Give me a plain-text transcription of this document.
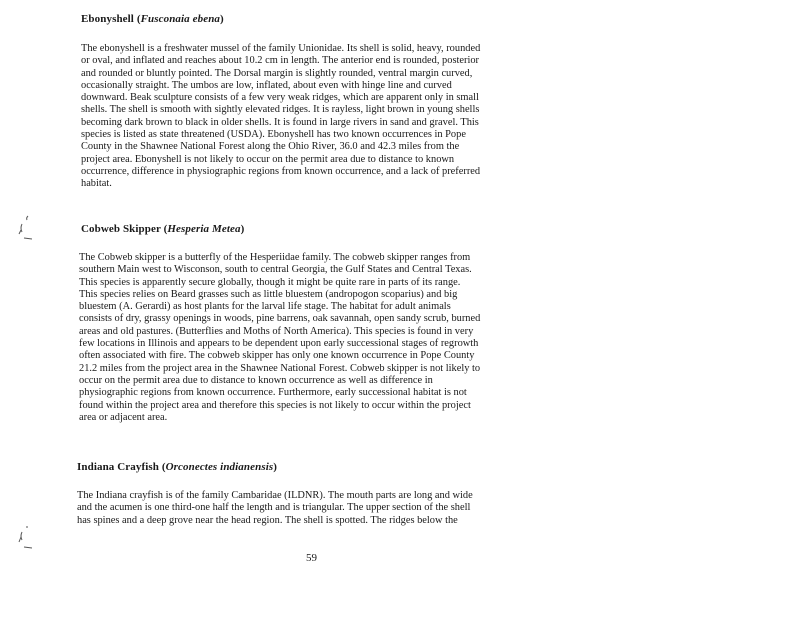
Ebonyshell (Fusconaia ebena)
The ebonyshell is a freshwater mussel of the family Unionidae. Its shell is solid, heavy, rounded
or oval, and inflated and reaches about 10.2 cm in length. The anterior end is rounded, posterior
and rounded or bluntly pointed. The Dorsal margin is slightly rounded, ventral margin curved,
occasionally straight. The umbos are low, inflated, about even with hinge line and curved
downward. Beak sculpture consists of a few very weak ridges, which are apparent only in small
shells. The shell is smooth with sightly elevated ridges. It is rayless, light brown in young shells
becoming dark brown to black in older shells. It is found in large rivers in sand and gravel. This
species is listed as state threatened (USDA). Ebonyshell has two known occurrences in Pope
County in the Shawnee National Forest along the Ohio River, 36.0 and 42.3 miles from the
project area. Ebonyshell is not likely to occur on the permit area due to distance to known
occurrence, difference in physiographic regions from known occurrence, and a lack of preferred
habitat.
Cobweb Skipper (Hesperia Metea)
The Cobweb skipper is a butterfly of the Hesperiidae family. The cobweb skipper ranges from
southern Main west to Wisconson, south to central Georgia, the Gulf States and Central Texas.
This species is apparently secure globally, though it might be quite rare in parts of its range.
This species relies on Beard grasses such as little bluestem (andropogon scoparius) and big
bluestem (A. Gerardi) as host plants for the larval life stage. The habitat for adult animals
consists of dry, grassy openings in woods, pine barrens, oak savannah, open sandy scrub, burned
areas and old pastures. (Butterflies and Moths of North America). This species is found in very
few locations in Illinois and appears to be dependent upon early successional stages of regrowth
often associated with fire. The cobweb skipper has only one known occurrence in Pope County
21.2 miles from the project area in the Shawnee National Forest. Cobweb skipper is not likely to
occur on the permit area due to distance to known occurrence as well as difference in
physiographic regions from known occurrence. Furthermore, early successional habitat is not
found within the project area and therefore this species is not likely to occur within the project
area or adjacent area.
Indiana Crayfish (Orconectes indianensis)
The Indiana crayfish is of the family Cambaridae (ILDNR). The mouth parts are long and wide
and the acumen is one third-one half the length and is triangular. The upper section of the shell
has spines and a deep grove near the head region. The shell is spotted. The ridges below the
59
